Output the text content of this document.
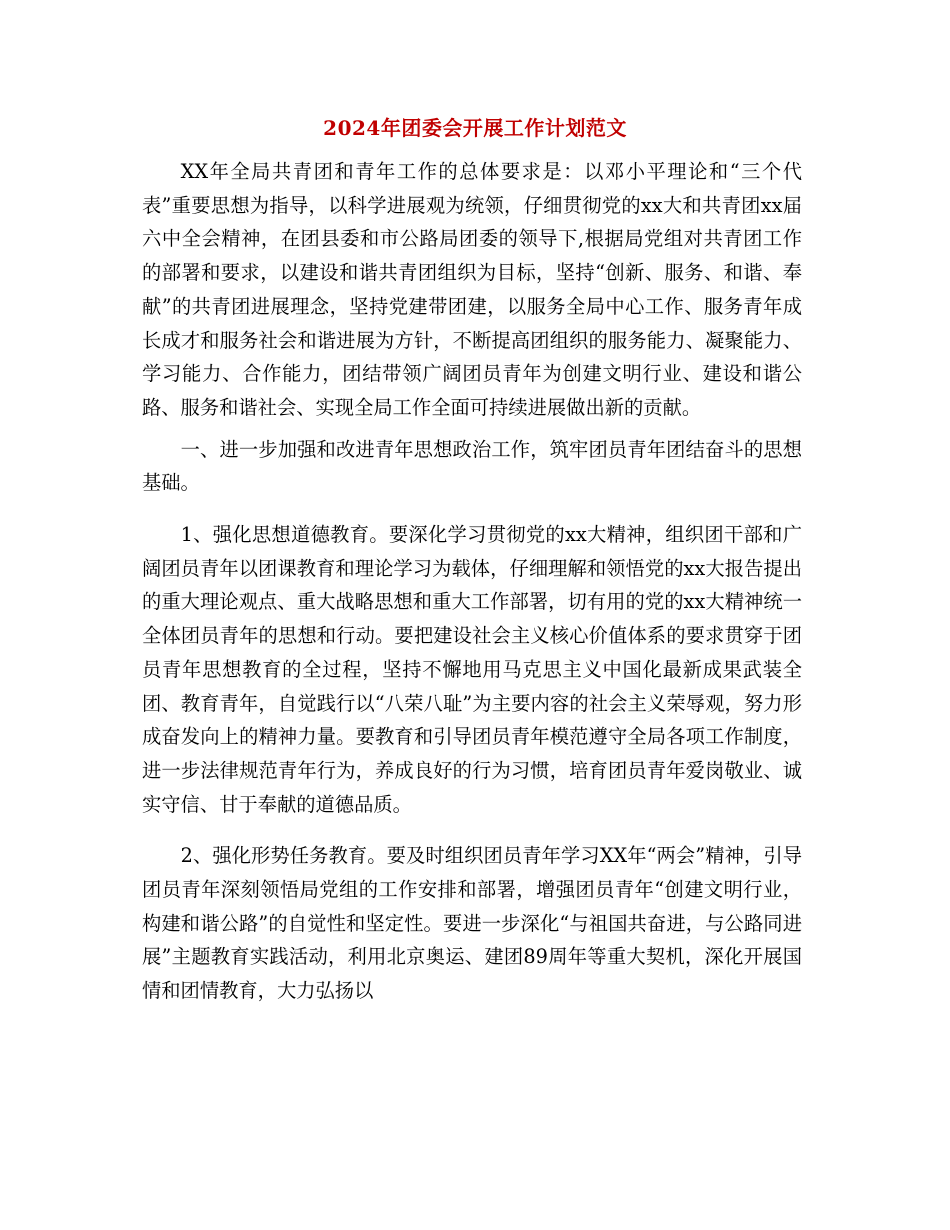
2024年团委会开展工作计划范文

XX年全局共青团和青年工作的总体要求是：以邓小平理论和“三个代表”重要思想为指导，以科学进展观为统领，仔细贯彻党的xx大和共青团xx届六中全会精神，在团县委和市公路局团委的领导下,根据局党组对共青团工作的部署和要求，以建设和谐共青团组织为目标，坚持“创新、服务、和谐、奉献”的共青团进展理念，坚持党建带团建，以服务全局中心工作、服务青年成长成才和服务社会和谐进展为方针，不断提高团组织的服务能力、凝聚能力、学习能力、合作能力，团结带领广阔团员青年为创建文明行业、建设和谐公路、服务和谐社会、实现全局工作全面可持续进展做出新的贡献。

一、进一步加强和改进青年思想政治工作，筑牢团员青年团结奋斗的思想基础。

1、强化思想道德教育。要深化学习贯彻党的xx大精神，组织团干部和广阔团员青年以团课教育和理论学习为载体，仔细理解和领悟党的xx大报告提出的重大理论观点、重大战略思想和重大工作部署，切有用的党的xx大精神统一全体团员青年的思想和行动。要把建设社会主义核心价值体系的要求贯穿于团员青年思想教育的全过程，坚持不懈地用马克思主义中国化最新成果武装全团、教育青年，自觉践行以“八荣八耻”为主要内容的社会主义荣辱观，努力形成奋发向上的精神力量。要教育和引导团员青年模范遵守全局各项工作制度，进一步法律规范青年行为，养成良好的行为习惯，培育团员青年爱岗敬业、诚实守信、甘于奉献的道德品质。

2、强化形势任务教育。要及时组织团员青年学习XX年“两会”精神，引导团员青年深刻领悟局党组的工作安排和部署，增强团员青年“创建文明行业，构建和谐公路”的自觉性和坚定性。要进一步深化“与祖国共奋进，与公路同进展”主题教育实践活动，利用北京奥运、建团89周年等重大契机，深化开展国情和团情教育，大力弘扬以
